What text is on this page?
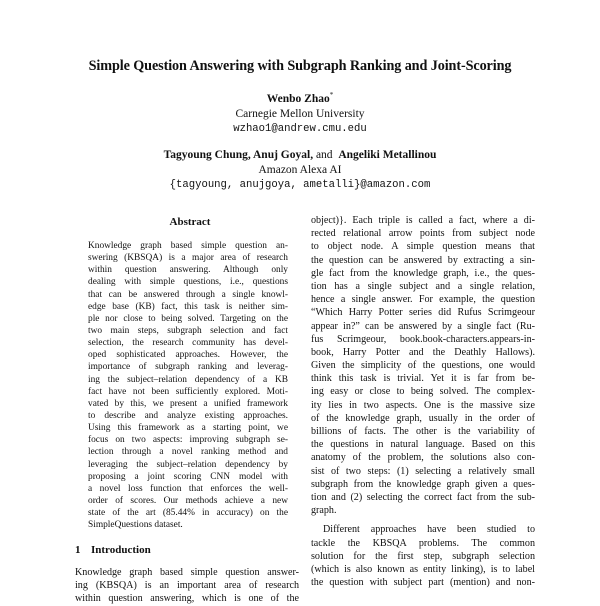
Simple Question Answering with Subgraph Ranking and Joint-Scoring
Wenbo Zhao*
Carnegie Mellon University
wzhao1@andrew.cmu.edu
Tagyoung Chung, Anuj Goyal, and Angeliki Metallinou
Amazon Alexa AI
{tagyoung, anujgoya, ametalli}@amazon.com
Abstract
Knowledge graph based simple question an-
swering (KBSQA) is a major area of research
within question answering. Although only
dealing with simple questions, i.e., questions
that can be answered through a single knowl-
edge base (KB) fact, this task is neither sim-
ple nor close to being solved. Targeting on the
two main steps, subgraph selection and fact
selection, the research community has devel-
oped sophisticated approaches. However, the
importance of subgraph ranking and leverag-
ing the subject–relation dependency of a KB
fact have not been sufficiently explored. Moti-
vated by this, we present a unified framework
to describe and analyze existing approaches.
Using this framework as a starting point, we
focus on two aspects: improving subgraph se-
lection through a novel ranking method and
leveraging the subject–relation dependency by
proposing a joint scoring CNN model with
a novel loss function that enforces the well-
order of scores. Our methods achieve a new
state of the art (85.44% in accuracy) on the
SimpleQuestions dataset.
1 Introduction
Knowledge graph based simple question answer-
ing (KBSQA) is an important area of research
within question answering, which is one of the
object)}. Each triple is called a fact, where a di-
rected relational arrow points from subject node
to object node. A simple question means that
the question can be answered by extracting a sin-
gle fact from the knowledge graph, i.e., the ques-
tion has a single subject and a single relation,
hence a single answer. For example, the question
“Which Harry Potter series did Rufus Scrimgeour
appear in?” can be answered by a single fact (Ru-
fus Scrimgeour, book.book-characters.appears-in-
book, Harry Potter and the Deathly Hallows).
Given the simplicity of the questions, one would
think this task is trivial. Yet it is far from be-
ing easy or close to being solved. The complex-
ity lies in two aspects. One is the massive size
of the knowledge graph, usually in the order of
billions of facts. The other is the variability of
the questions in natural language. Based on this
anatomy of the problem, the solutions also con-
sist of two steps: (1) selecting a relatively small
subgraph from the knowledge graph given a ques-
tion and (2) selecting the correct fact from the sub-
graph.
Different approaches have been studied to
tackle the KBSQA problems. The common
solution for the first step, subgraph selection
(which is also known as entity linking), is to label
the question with subject part (mention) and non-
